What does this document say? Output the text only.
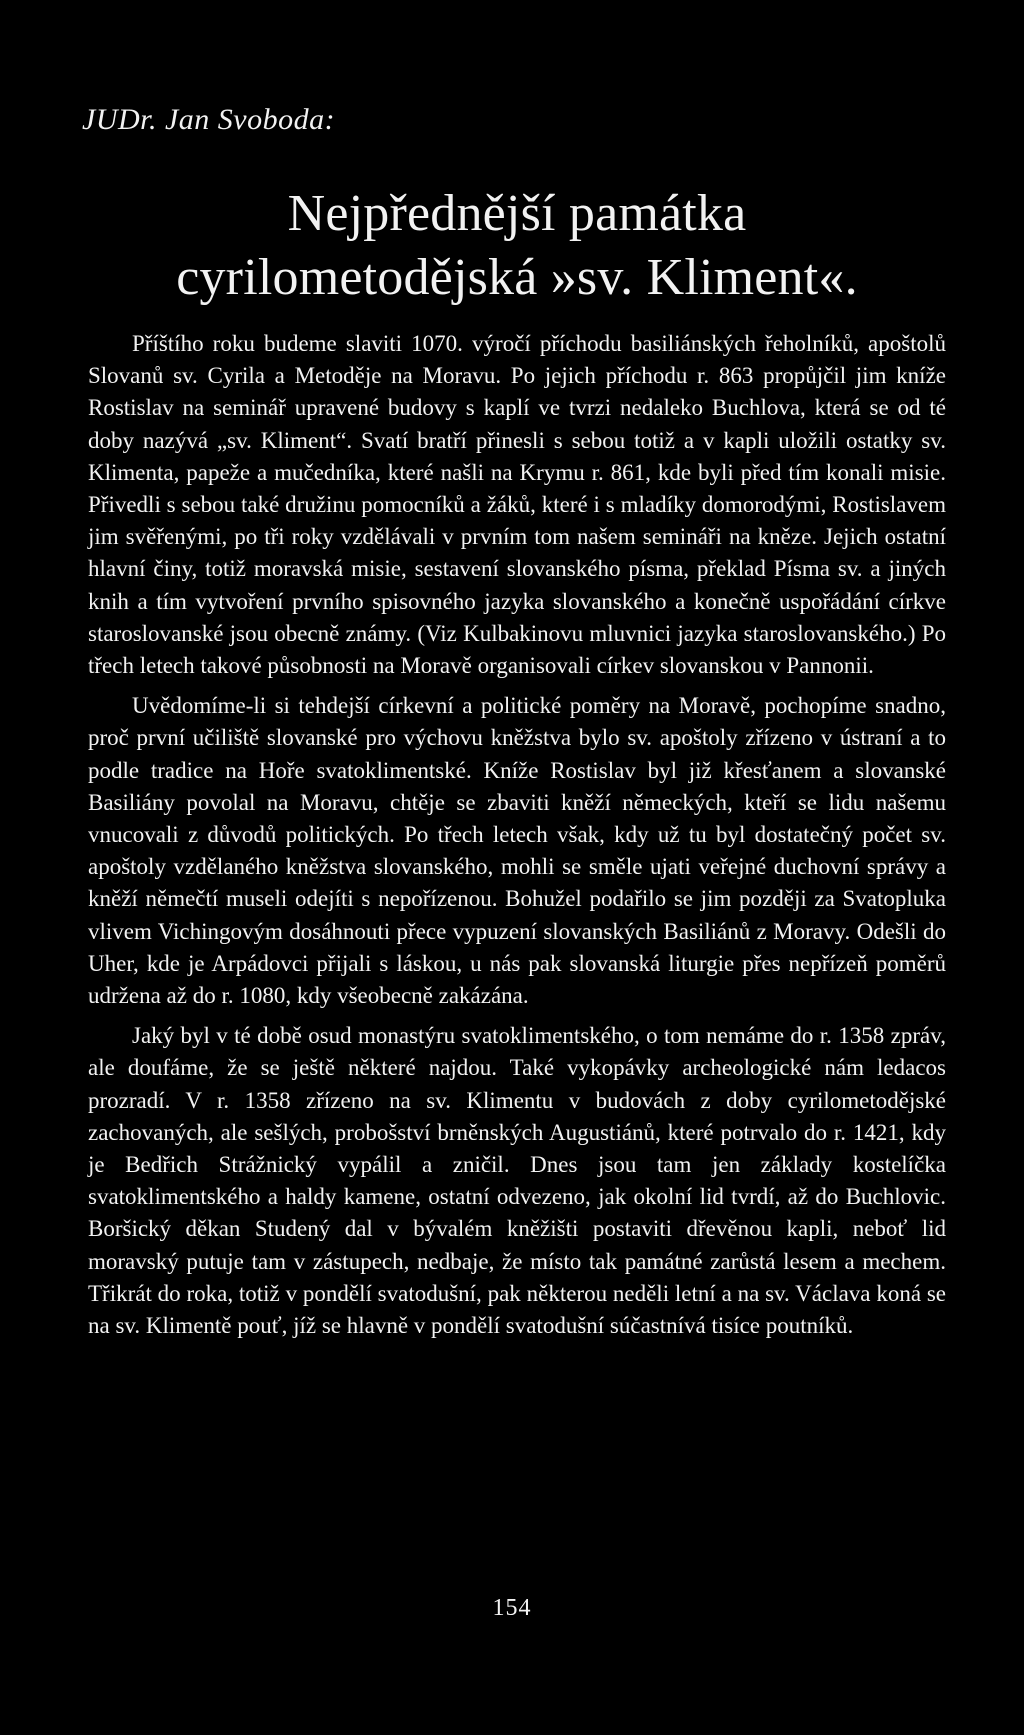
JUDr. Jan Svoboda:
Nejpřednější památka
cyrilometodějská »sv. Kliment«.

Příštího roku budeme slaviti 1070. výročí příchodu basiliánských řeholníků, apoštolů Slovanů sv. Cyrila a Metoděje na Moravu. Po jejich příchodu r. 863 propůjčil jim kníže Rostislav na seminář upravené budovy s kaplí ve tvrzi nedaleko Buchlova, která se od té doby nazývá „sv. Kliment“. Svatí bratří přinesli s sebou totiž a v kapli uložili ostatky sv. Klimenta, papeže a mučedníka, které našli na Krymu r. 861, kde byli před tím konali misie. Přivedli s sebou také družinu pomocníků a žáků, které i s mladíky domorodými, Rostislavem jim svěřenými, po tři roky vzdělávali v prvním tom našem semináři na kněze. Jejich ostatní hlavní činy, totiž moravská misie, sestavení slovanského písma, překlad Písma sv. a jiných knih a tím vytvoření prvního spisovného jazyka slovanského a konečně uspořádání církve staroslovanské jsou obecně známy. (Viz Kulbakinovu mluvnici jazyka staroslovanského.) Po třech letech takové působnosti na Moravě organisovali církev slovanskou v Pannonii.

Uvědomíme-li si tehdejší církevní a politické poměry na Moravě, pochopíme snadno, proč první učiliště slovanské pro výchovu kněžstva bylo sv. apoštoly zřízeno v ústraní a to podle tradice na Hoře svatoklimentské. Kníže Rostislav byl již křesťanem a slovanské Basiliány povolal na Moravu, chtěje se zbaviti kněží německých, kteří se lidu našemu vnucovali z důvodů politických. Po třech letech však, kdy už tu byl dostatečný počet sv. apoštoly vzdělaného kněžstva slovanského, mohli se směle ujati veřejné duchovní správy a kněží němečtí museli odejíti s nepořízenou. Bohužel podařilo se jim později za Svatopluka vlivem Vichingovým dosáhnouti přece vypuzení slovanských Basiliánů z Moravy. Odešli do Uher, kde je Arpádovci přijali s láskou, u nás pak slovanská liturgie přes nepřízeň poměrů udržena až do r. 1080, kdy všeobecně zakázána.

Jaký byl v té době osud monastýru svatoklimentského, o tom nemáme do r. 1358 zpráv, ale doufáme, že se ještě některé najdou. Také vykopávky archeologické nám ledacos prozradí. V r. 1358 zřízeno na sv. Klimentu v budovách z doby cyrilometodějské zachovaných, ale sešlých, probošství brněnských Augustiánů, které potrvalo do r. 1421, kdy je Bedřich Strážnický vypálil a zničil. Dnes jsou tam jen základy kostelíčka svatoklimentského a haldy kamene, ostatní odvezeno, jak okolní lid tvrdí, až do Buchlovic. Boršický děkan Studený dal v bývalém kněžišti postaviti dřevěnou kapli, neboť lid moravský putuje tam v zástupech, nedbaje, že místo tak památné zarůstá lesem a mechem. Třikrát do roka, totiž v pondělí svatodušní, pak některou neděli letní a na sv. Václava koná se na sv. Klimentě pouť, jíž se hlavně v pondělí svatodušní súčastnívá tisíce poutníků.

154
